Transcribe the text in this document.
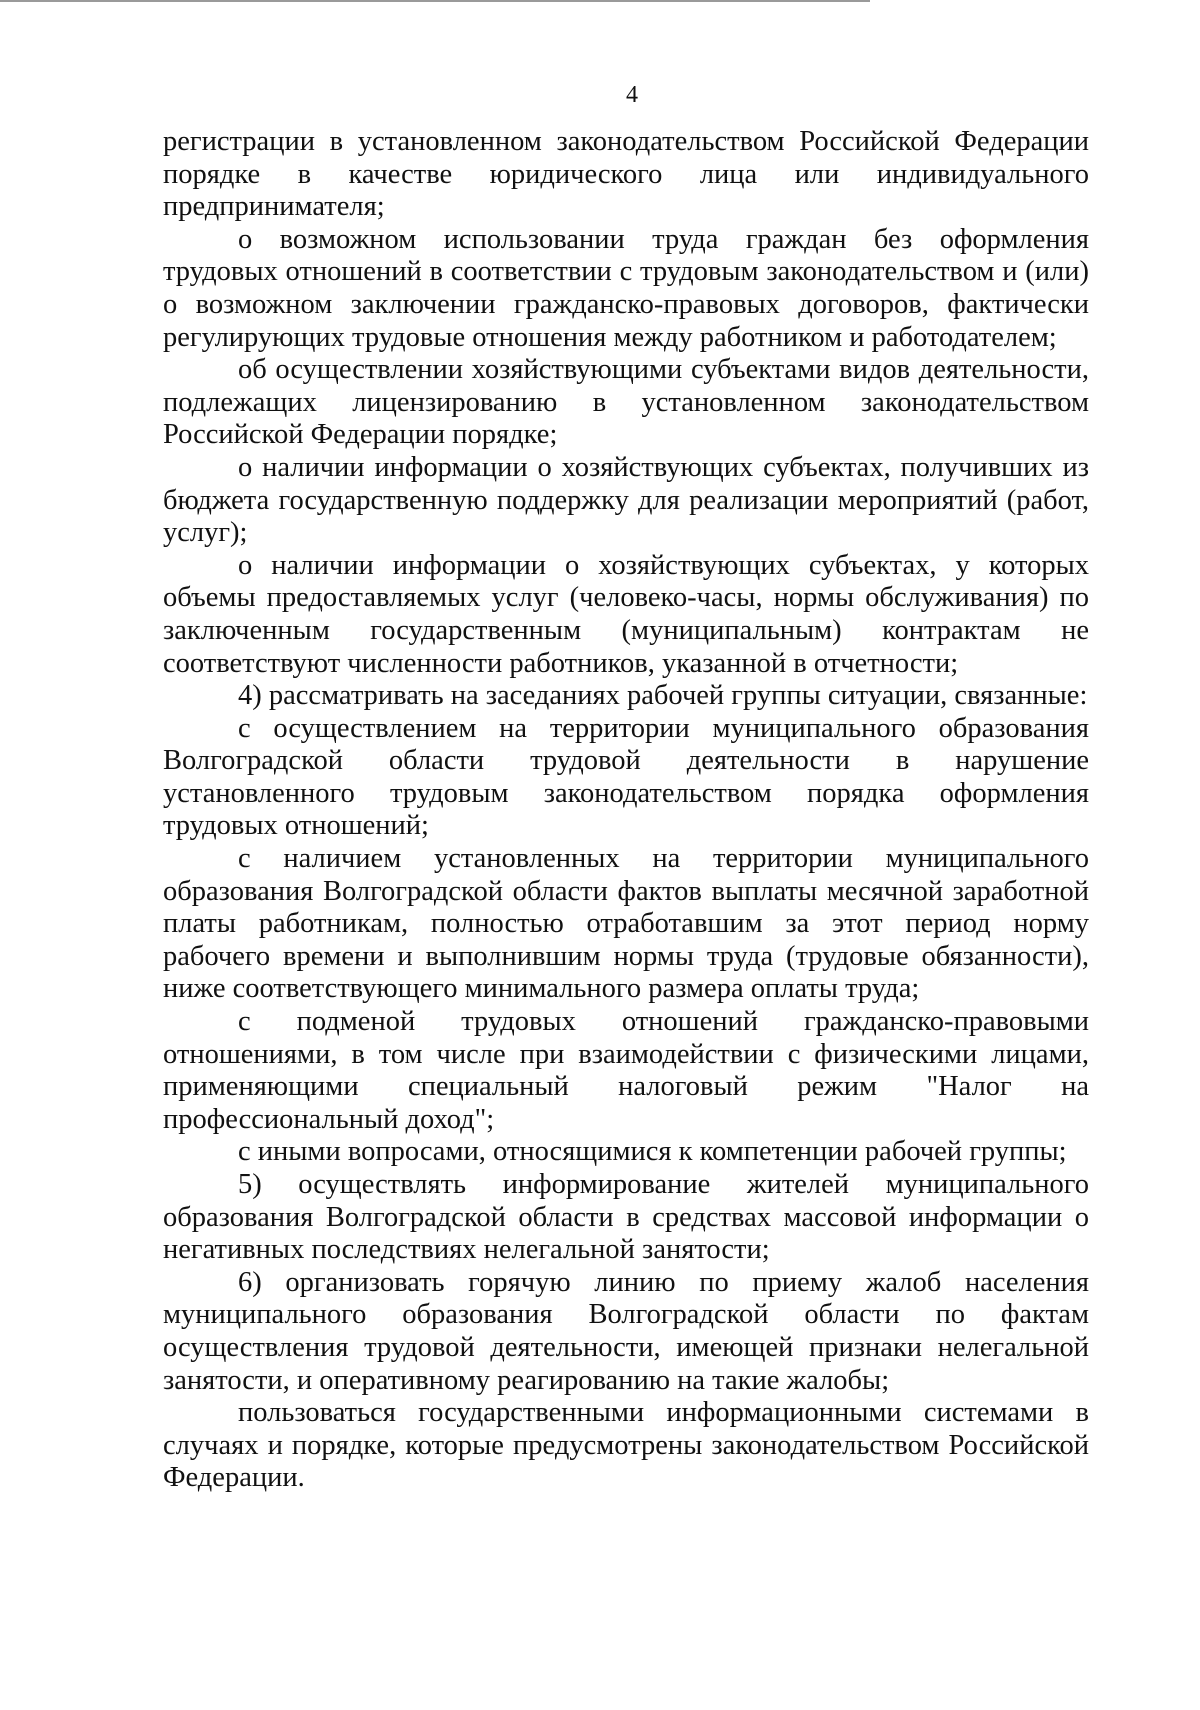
4

регистрации в установленном законодательством Российской Федерации порядке в качестве юридического лица или индивидуального предпринимателя;

о возможном использовании труда граждан без оформления трудовых отношений в соответствии с трудовым законодательством и (или) о возможном заключении гражданско-правовых договоров, фактически регулирующих трудовые отношения между работником и работодателем;

об осуществлении хозяйствующими субъектами видов деятельности, подлежащих лицензированию в установленном законодательством Российской Федерации порядке;

о наличии информации о хозяйствующих субъектах, получивших из бюджета государственную поддержку для реализации мероприятий (работ, услуг);

о наличии информации о хозяйствующих субъектах, у которых объемы предоставляемых услуг (человеко-часы, нормы обслуживания) по заключенным государственным (муниципальным) контрактам не соответствуют численности работников, указанной в отчетности;

4) рассматривать на заседаниях рабочей группы ситуации, связанные:

с осуществлением на территории муниципального образования Волгоградской области трудовой деятельности в нарушение установленного трудовым законодательством порядка оформления трудовых отношений;

с наличием установленных на территории муниципального образования Волгоградской области фактов выплаты месячной заработной платы работникам, полностью отработавшим за этот период норму рабочего времени и выполнившим нормы труда (трудовые обязанности), ниже соответствующего минимального размера оплаты труда;

с подменой трудовых отношений гражданско-правовыми отношениями, в том числе при взаимодействии с физическими лицами, применяющими специальный налоговый режим "Налог на профессиональный доход";

с иными вопросами, относящимися к компетенции рабочей группы;

5) осуществлять информирование жителей муниципального образования Волгоградской области в средствах массовой информации о негативных последствиях нелегальной занятости;

6) организовать горячую линию по приему жалоб населения муниципального образования Волгоградской области по фактам осуществления трудовой деятельности, имеющей признаки нелегальной занятости, и оперативному реагированию на такие жалобы;

пользоваться государственными информационными системами в случаях и порядке, которые предусмотрены законодательством Российской Федерации.
